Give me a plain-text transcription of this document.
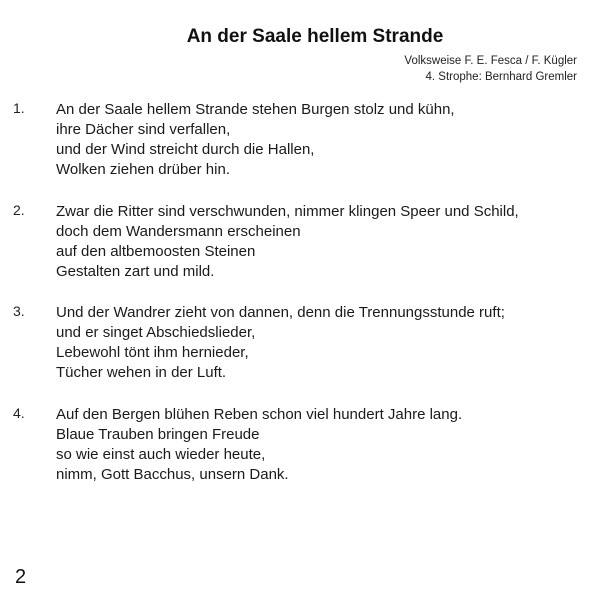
An der Saale hellem Strande
Volksweise F. E. Fesca / F. Kügler
4. Strophe: Bernhard Gremler
1. An der Saale hellem Strande stehen Burgen stolz und kühn,
ihre Dächer sind verfallen,
und der Wind streicht durch die Hallen,
Wolken ziehen drüber hin.
2. Zwar die Ritter sind verschwunden, nimmer klingen Speer und Schild,
doch dem Wandersmann erscheinen
auf den altbemoosten Steinen
Gestalten zart und mild.
3. Und der Wandrer zieht von dannen, denn die Trennungsstunde ruft;
und er singet Abschiedslieder,
Lebewohl tönt ihm hernieder,
Tücher wehen in der Luft.
4. Auf den Bergen blühen Reben schon viel hundert Jahre lang.
Blaue Trauben bringen Freude
so wie einst auch wieder heute,
nimm, Gott Bacchus, unsern Dank.
2
